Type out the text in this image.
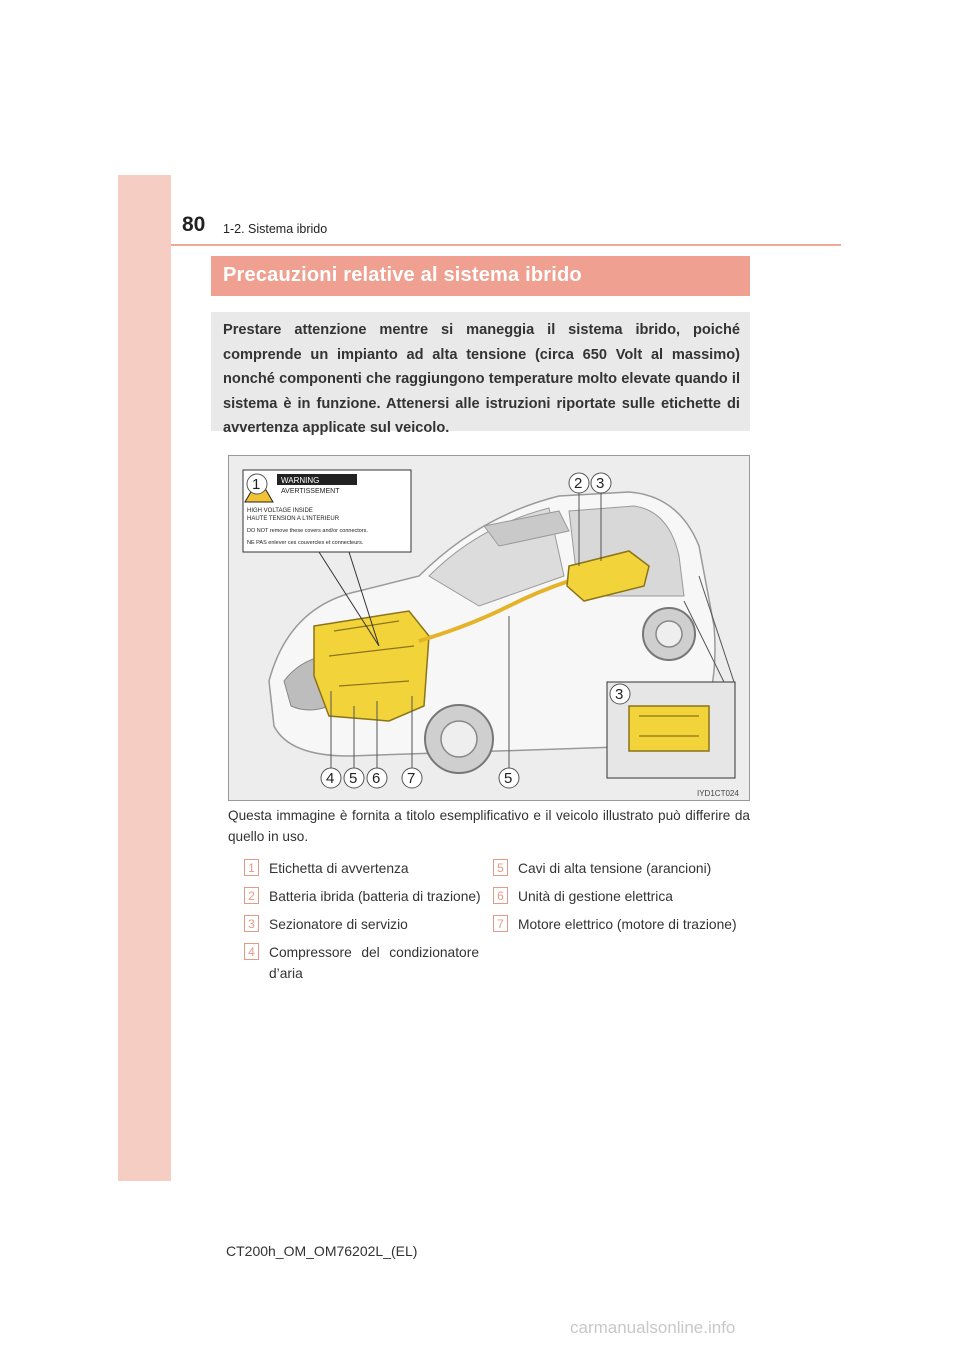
80 1-2. Sistema ibrido
Precauzioni relative al sistema ibrido
Prestare attenzione mentre si maneggia il sistema ibrido, poiché comprende un impianto ad alta tensione (circa 650 Volt al massimo) nonché componenti che raggiungono temperature molto elevate quando il sistema è in funzione. Attenersi alle istruzioni riportate sulle etichette di avvertenza applicate sul veicolo.
WARNING
AVERTISSEMENT
HIGH VOLTAGE INSIDE
HAUTE TENSION A L'INTERIEUR
DO NOT remove these covers and/or connectors.
NE PAS enlever ces couvercles et connecteurs.
1	2 3
3
4 5 6 7	5
IYD1CT024
Questa immagine è fornita a titolo esemplificativo e il veicolo illustrato può differire da quello in uso.
1	Etichetta di avvertenza
2	Batteria ibrida (batteria di trazione)
3	Sezionatore di servizio
4	Compressore del condizionatore d’aria
5	Cavi di alta tensione (arancioni)
6	Unità di gestione elettrica
7	Motore elettrico (motore di trazione)
CT200h_OM_OM76202L_(EL)
carmanualsonline.info
